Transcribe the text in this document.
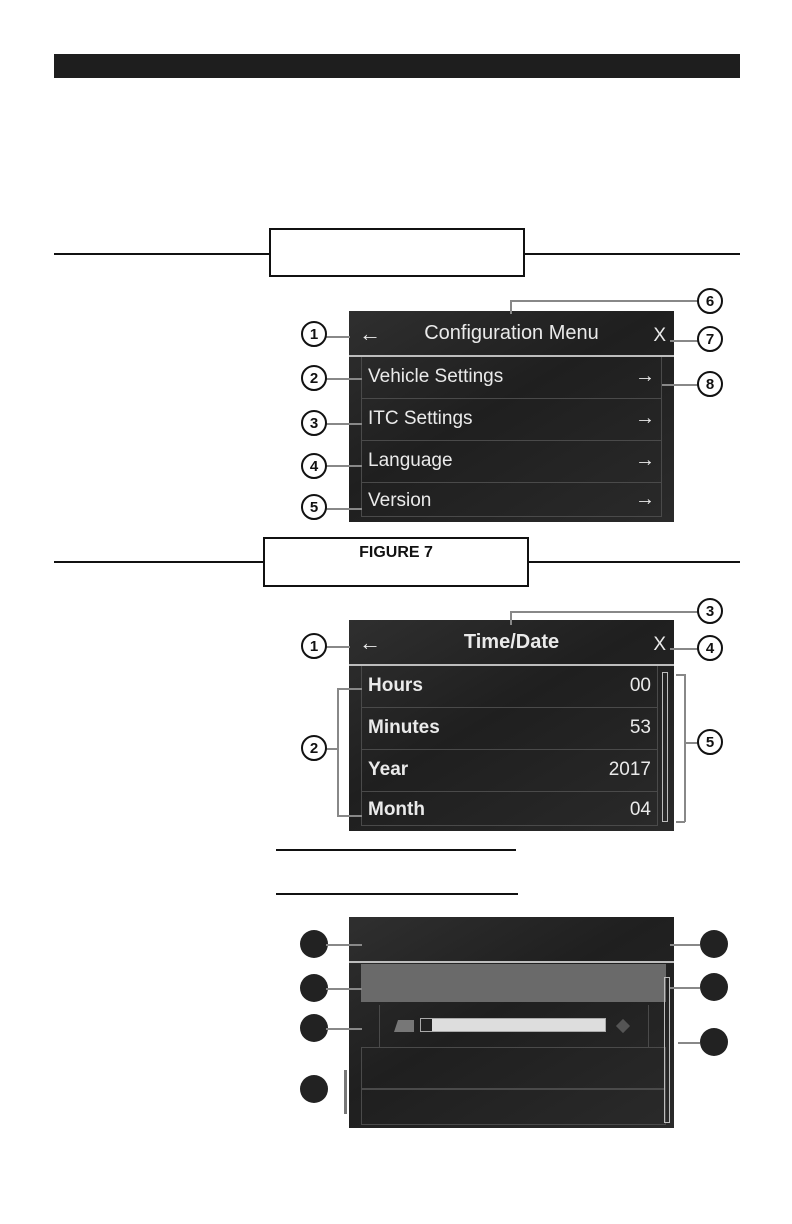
←	Configuration Menu	X
Vehicle Settings	→
ITC Settings	→
Language	→
Version	→
1
2
3
4
5
6
7
8
FIGURE 7
←	Time/Date	X
Hours	00
Minutes	53
Year	2017
Month	04
1
2
3
4
5
